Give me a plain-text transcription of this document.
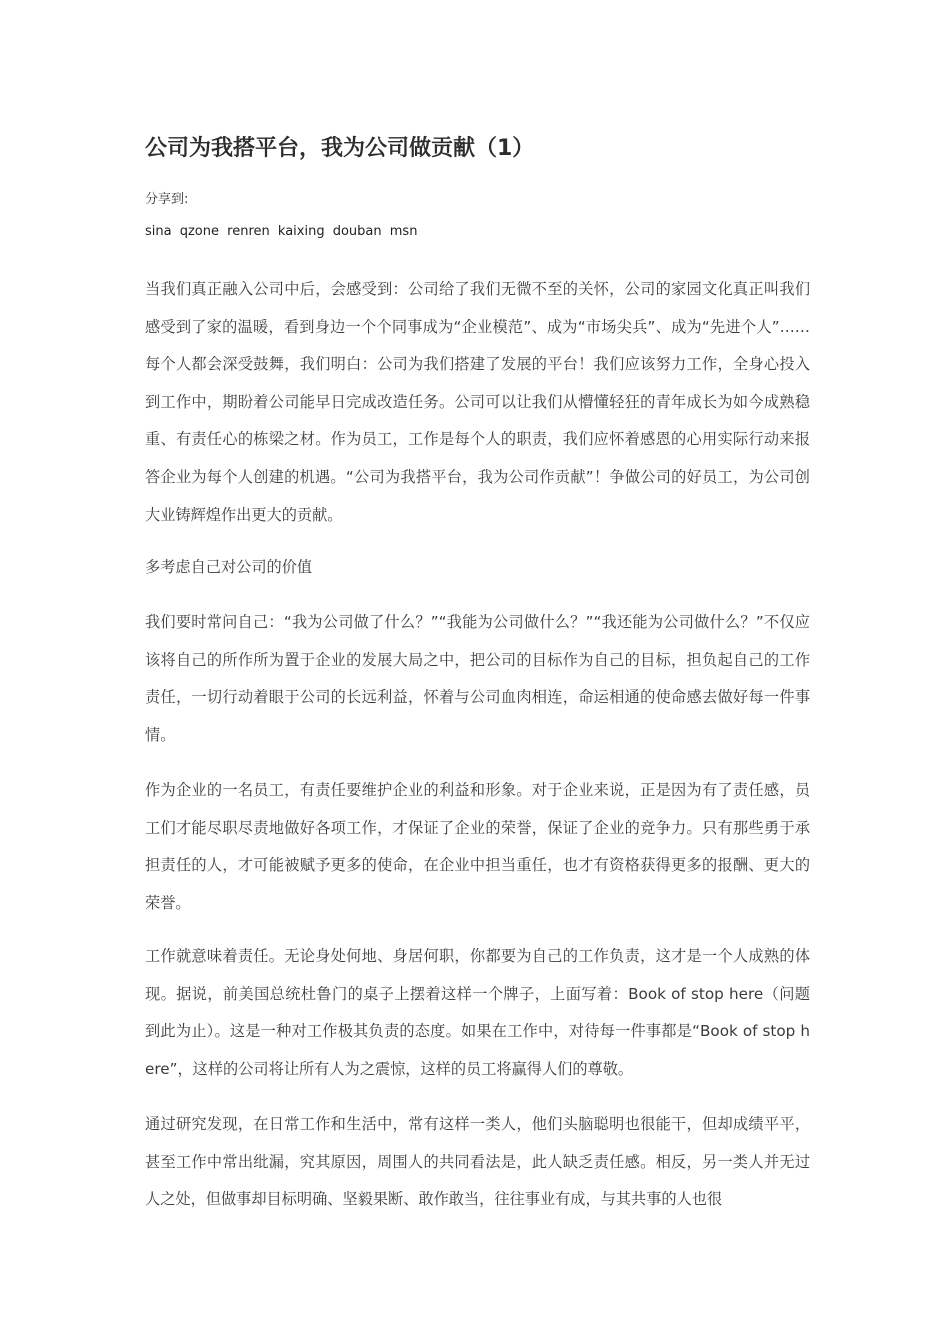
公司为我搭平台，我为公司做贡献（1）
分享到:
sina qzone renren kaixing douban msn

当我们真正融入公司中后，会感受到：公司给了我们无微不至的关怀，公司的家园文化真正叫我们感受到了家的温暖，看到身边一个个同事成为“企业模范”、成为“市场尖兵”、成为“先进个人”……每个人都会深受鼓舞，我们明白：公司为我们搭建了发展的平台！我们应该努力工作，全身心投入到工作中，期盼着公司能早日完成改造任务。公司可以让我们从懵懂轻狂的青年成长为如今成熟稳重、有责任心的栋梁之材。作为员工，工作是每个人的职责，我们应怀着感恩的心用实际行动来报答企业为每个人创建的机遇。“公司为我搭平台，我为公司作贡献”！争做公司的好员工，为公司创大业铸辉煌作出更大的贡献。

多考虑自己对公司的价值

我们要时常问自己：“我为公司做了什么？”“我能为公司做什么？”“我还能为公司做什么？”不仅应该将自己的所作所为置于企业的发展大局之中，把公司的目标作为自己的目标，担负起自己的工作责任，一切行动着眼于公司的长远利益，怀着与公司血肉相连，命运相通的使命感去做好每一件事情。

作为企业的一名员工，有责任要维护企业的利益和形象。对于企业来说，正是因为有了责任感，员工们才能尽职尽责地做好各项工作，才保证了企业的荣誉，保证了企业的竞争力。只有那些勇于承担责任的人，才可能被赋予更多的使命，在企业中担当重任，也才有资格获得更多的报酬、更大的荣誉。

工作就意味着责任。无论身处何地、身居何职，你都要为自己的工作负责，这才是一个人成熟的体现。据说，前美国总统杜鲁门的桌子上摆着这样一个牌子，上面写着：Book of stop here（问题到此为止）。这是一种对工作极其负责的态度。如果在工作中，对待每一件事都是“Book of stop here”，这样的公司将让所有人为之震惊，这样的员工将赢得人们的尊敬。

通过研究发现，在日常工作和生活中，常有这样一类人，他们头脑聪明也很能干，但却成绩平平，甚至工作中常出纰漏，究其原因，周围人的共同看法是，此人缺乏责任感。相反，另一类人并无过人之处，但做事却目标明确、坚毅果断、敢作敢当，往往事业有成，与其共事的人也很
